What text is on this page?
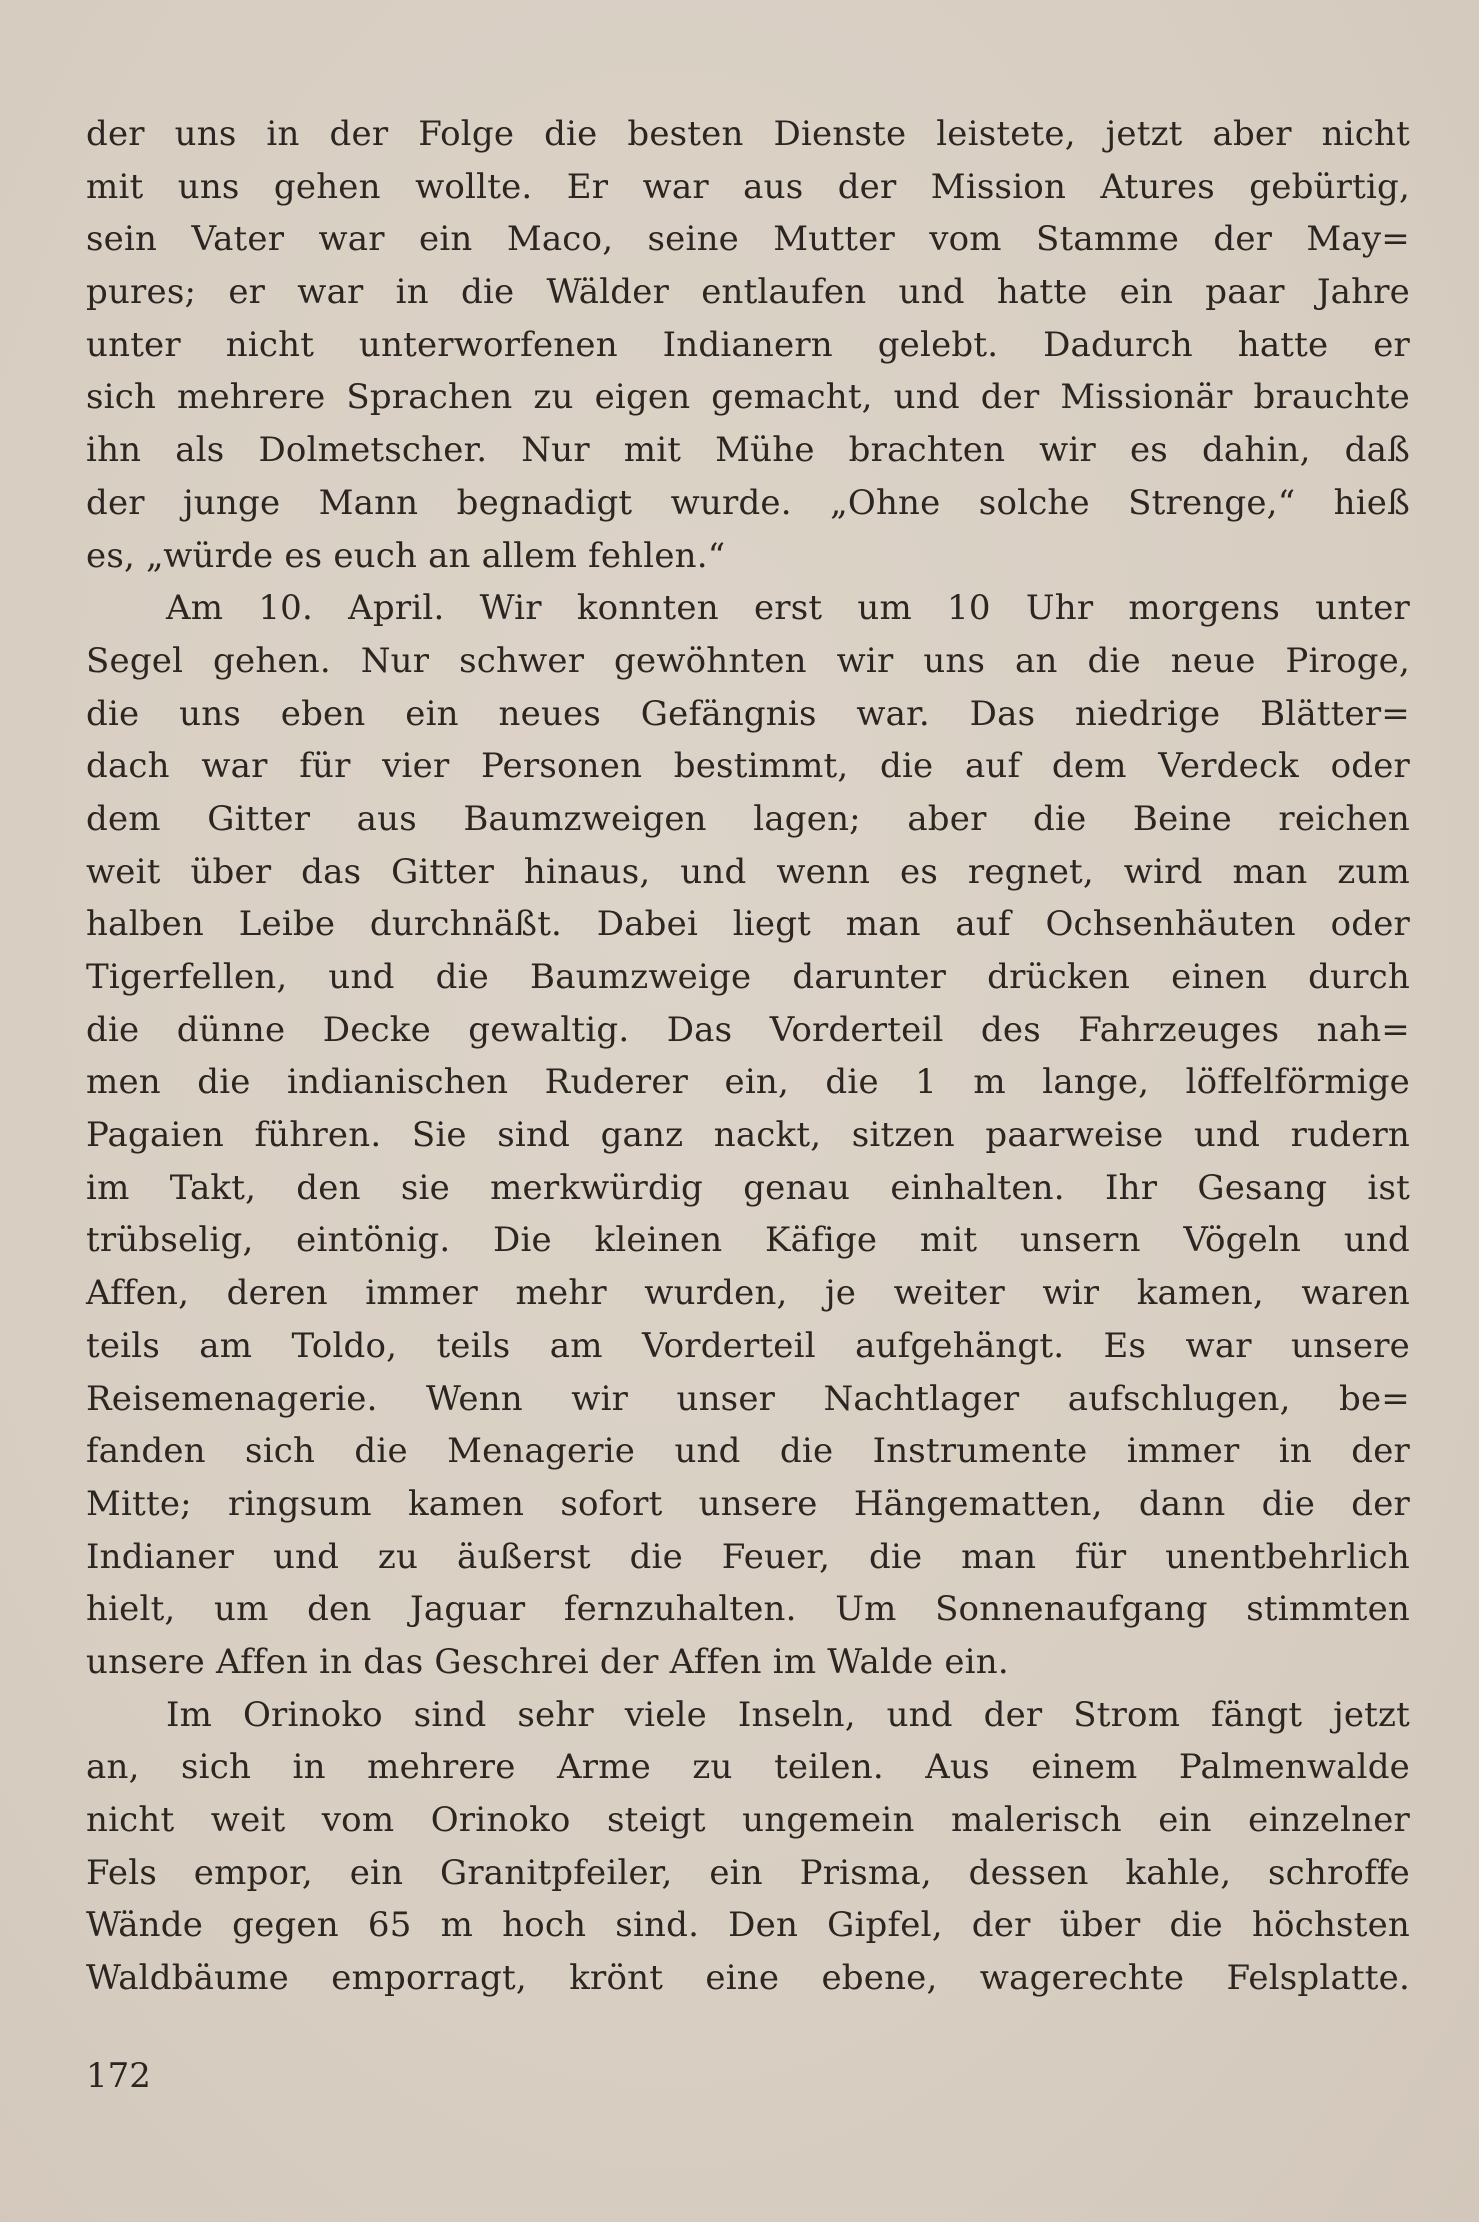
der uns in der Folge die besten Dienste leistete, jetzt aber nicht
mit uns gehen wollte. Er war aus der Mission Atures gebürtig,
sein Vater war ein Maco, seine Mutter vom Stamme der May=
pures; er war in die Wälder entlaufen und hatte ein paar Jahre
unter nicht unterworfenen Indianern gelebt. Dadurch hatte er
sich mehrere Sprachen zu eigen gemacht, und der Missionär brauchte
ihn als Dolmetscher. Nur mit Mühe brachten wir es dahin, daß
der junge Mann begnadigt wurde. „Ohne solche Strenge,“ hieß
es, „würde es euch an allem fehlen.“
Am 10. April. Wir konnten erst um 10 Uhr morgens unter
Segel gehen. Nur schwer gewöhnten wir uns an die neue Piroge,
die uns eben ein neues Gefängnis war. Das niedrige Blätter=
dach war für vier Personen bestimmt, die auf dem Verdeck oder
dem Gitter aus Baumzweigen lagen; aber die Beine reichen
weit über das Gitter hinaus, und wenn es regnet, wird man zum
halben Leibe durchnäßt. Dabei liegt man auf Ochsenhäuten oder
Tigerfellen, und die Baumzweige darunter drücken einen durch
die dünne Decke gewaltig. Das Vorderteil des Fahrzeuges nah=
men die indianischen Ruderer ein, die 1 m lange, löffelförmige
Pagaien führen. Sie sind ganz nackt, sitzen paarweise und rudern
im Takt, den sie merkwürdig genau einhalten. Ihr Gesang ist
trübselig, eintönig. Die kleinen Käfige mit unsern Vögeln und
Affen, deren immer mehr wurden, je weiter wir kamen, waren
teils am Toldo, teils am Vorderteil aufgehängt. Es war unsere
Reisemenagerie. Wenn wir unser Nachtlager aufschlugen, be=
fanden sich die Menagerie und die Instrumente immer in der
Mitte; ringsum kamen sofort unsere Hängematten, dann die der
Indianer und zu äußerst die Feuer, die man für unentbehrlich
hielt, um den Jaguar fernzuhalten. Um Sonnenaufgang stimmten
unsere Affen in das Geschrei der Affen im Walde ein.
Im Orinoko sind sehr viele Inseln, und der Strom fängt jetzt
an, sich in mehrere Arme zu teilen. Aus einem Palmenwalde
nicht weit vom Orinoko steigt ungemein malerisch ein einzelner
Fels empor, ein Granitpfeiler, ein Prisma, dessen kahle, schroffe
Wände gegen 65 m hoch sind. Den Gipfel, der über die höchsten
Waldbäume emporragt, krönt eine ebene, wagerechte Felsplatte.
172
